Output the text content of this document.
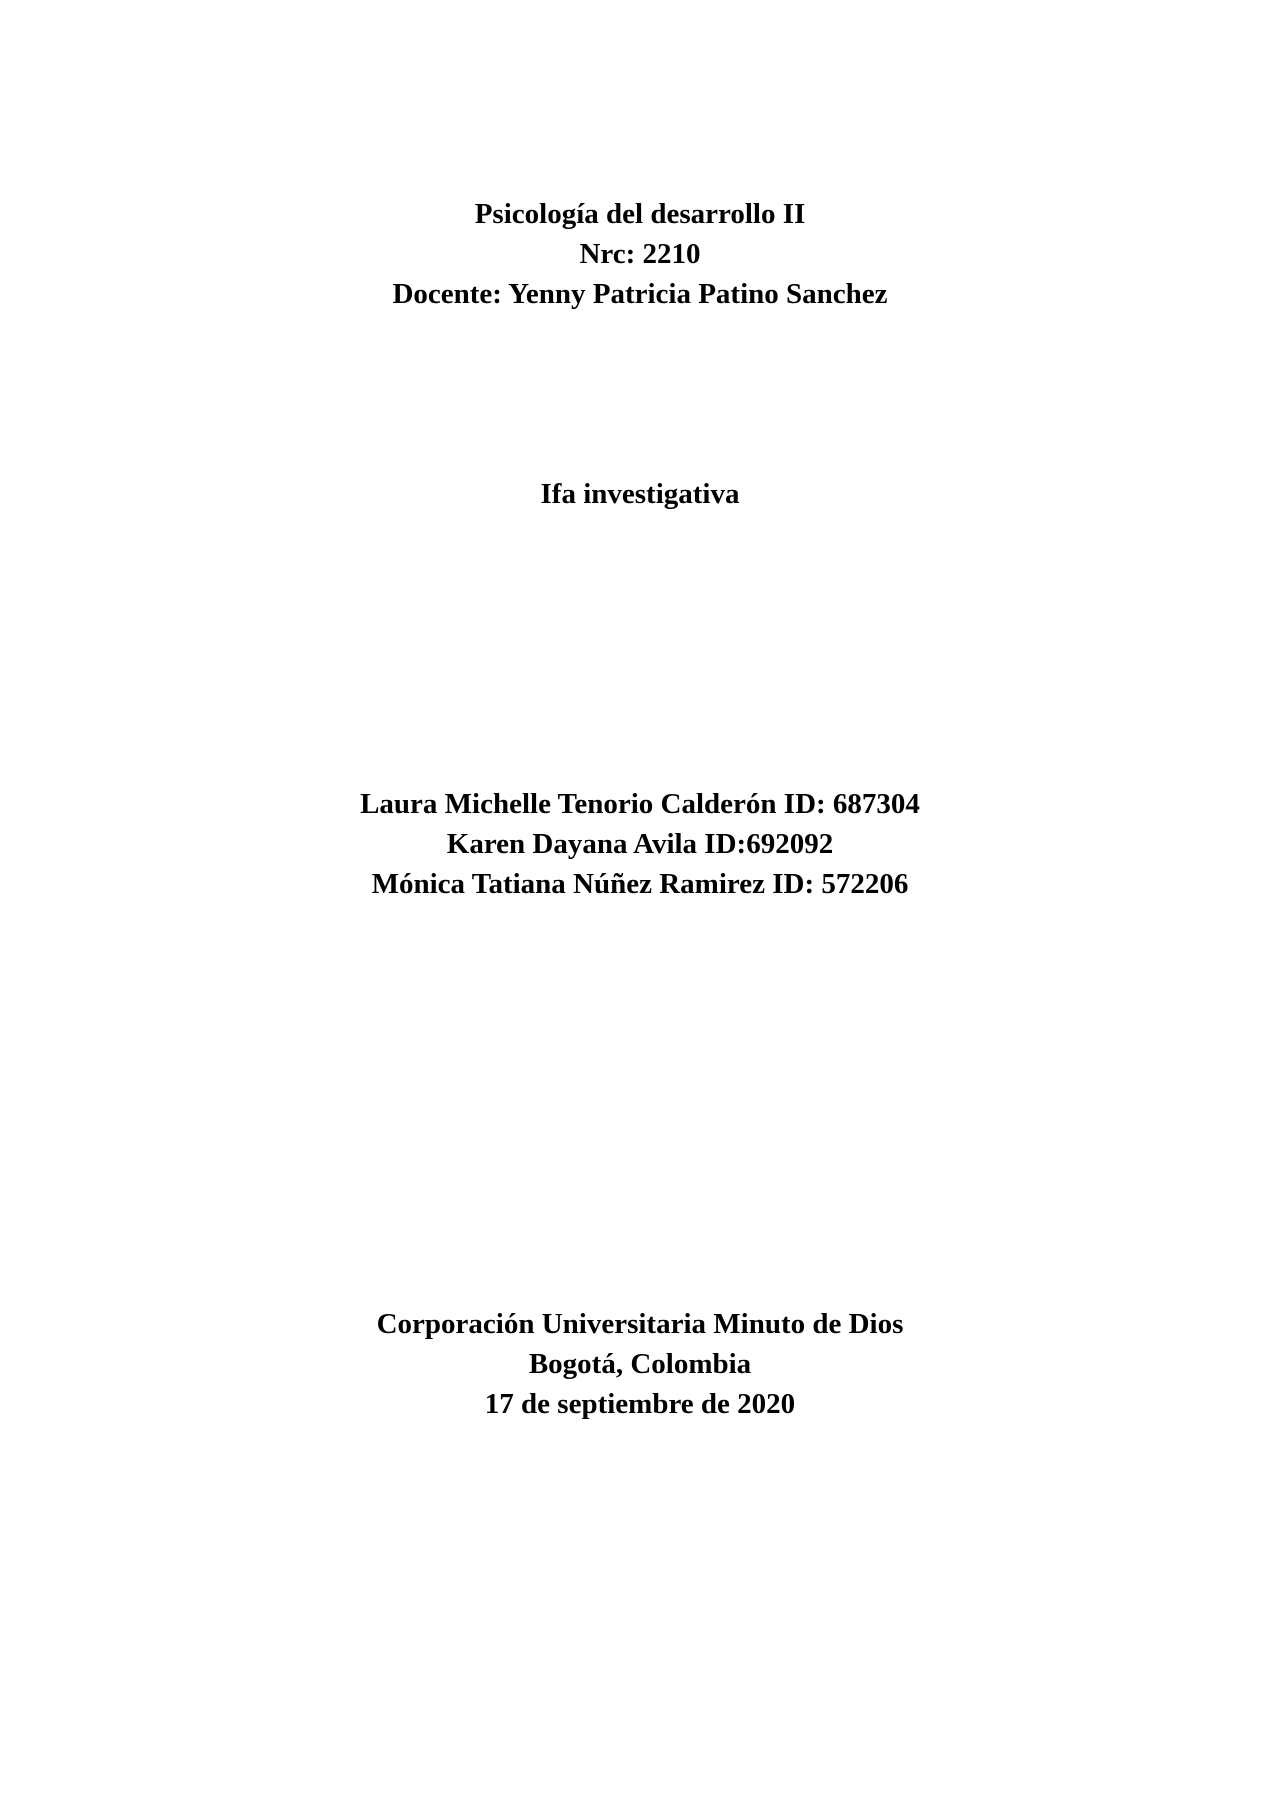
Psicología del desarrollo II
Nrc: 2210
Docente: Yenny Patricia Patino Sanchez
Ifa investigativa
Laura Michelle Tenorio Calderón ID: 687304
Karen Dayana Avila ID:692092
Mónica Tatiana Núñez Ramirez ID: 572206
Corporación Universitaria Minuto de Dios
Bogotá, Colombia
17 de septiembre de 2020
